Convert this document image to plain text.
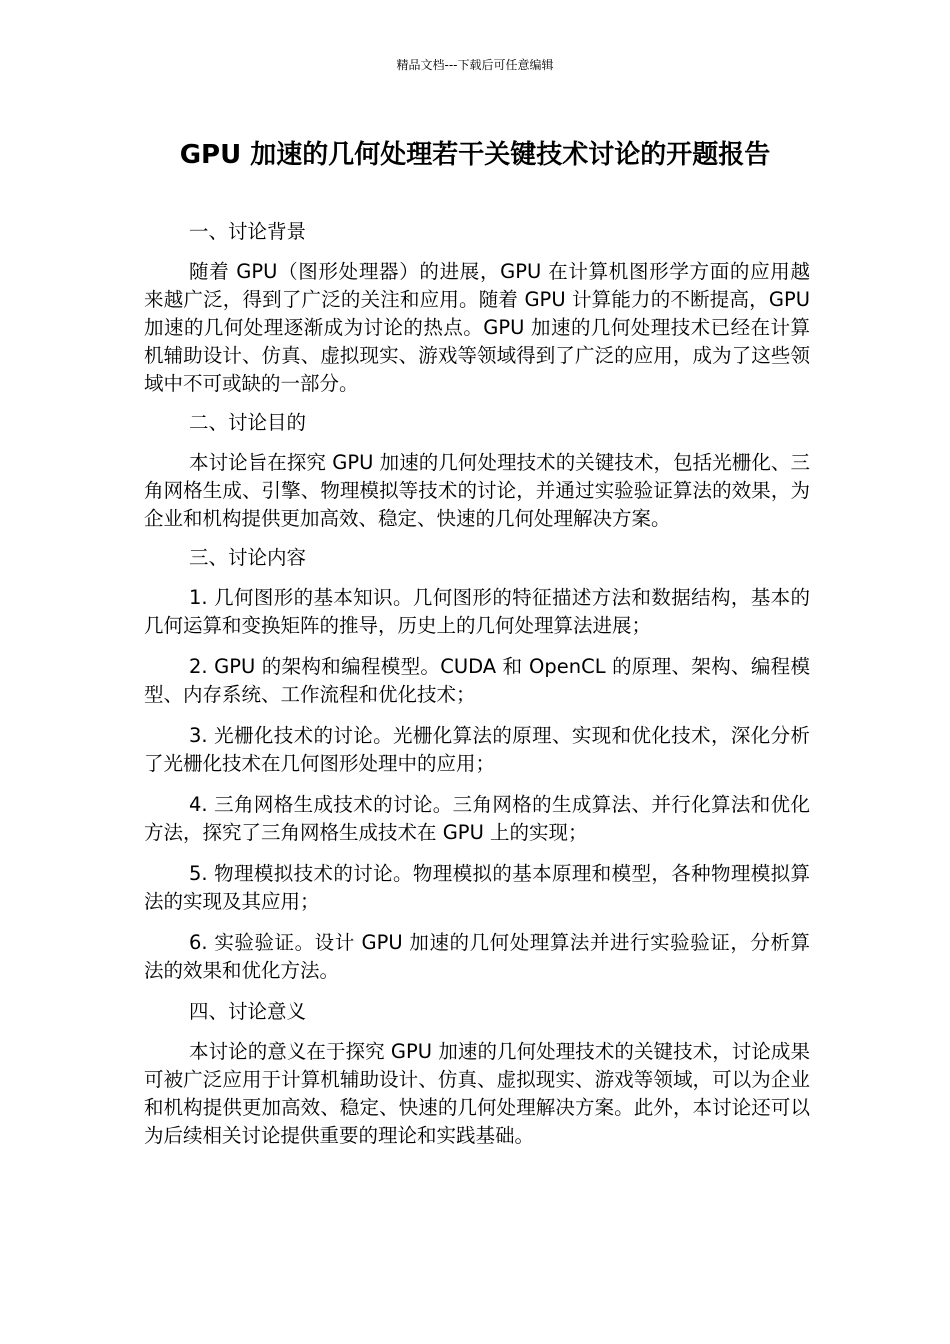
精品文档---下载后可任意编辑
GPU 加速的几何处理若干关键技术讨论的开题报告

一、讨论背景

随着 GPU（图形处理器）的进展，GPU 在计算机图形学方面的应用越来越广泛，得到了广泛的关注和应用。随着 GPU 计算能力的不断提高，GPU 加速的几何处理逐渐成为讨论的热点。GPU 加速的几何处理技术已经在计算机辅助设计、仿真、虚拟现实、游戏等领域得到了广泛的应用，成为了这些领域中不可或缺的一部分。

二、讨论目的

本讨论旨在探究 GPU 加速的几何处理技术的关键技术，包括光栅化、三角网格生成、引擎、物理模拟等技术的讨论，并通过实验验证算法的效果，为企业和机构提供更加高效、稳定、快速的几何处理解决方案。

三、讨论内容

1. 几何图形的基本知识。几何图形的特征描述方法和数据结构，基本的几何运算和变换矩阵的推导，历史上的几何处理算法进展；

2. GPU 的架构和编程模型。CUDA 和 OpenCL 的原理、架构、编程模型、内存系统、工作流程和优化技术；

3. 光栅化技术的讨论。光栅化算法的原理、实现和优化技术，深化分析了光栅化技术在几何图形处理中的应用；

4. 三角网格生成技术的讨论。三角网格的生成算法、并行化算法和优化方法，探究了三角网格生成技术在 GPU 上的实现；

5. 物理模拟技术的讨论。物理模拟的基本原理和模型，各种物理模拟算法的实现及其应用；

6. 实验验证。设计 GPU 加速的几何处理算法并进行实验验证，分析算法的效果和优化方法。

四、讨论意义

本讨论的意义在于探究 GPU 加速的几何处理技术的关键技术，讨论成果可被广泛应用于计算机辅助设计、仿真、虚拟现实、游戏等领域，可以为企业和机构提供更加高效、稳定、快速的几何处理解决方案。此外，本讨论还可以为后续相关讨论提供重要的理论和实践基础。
